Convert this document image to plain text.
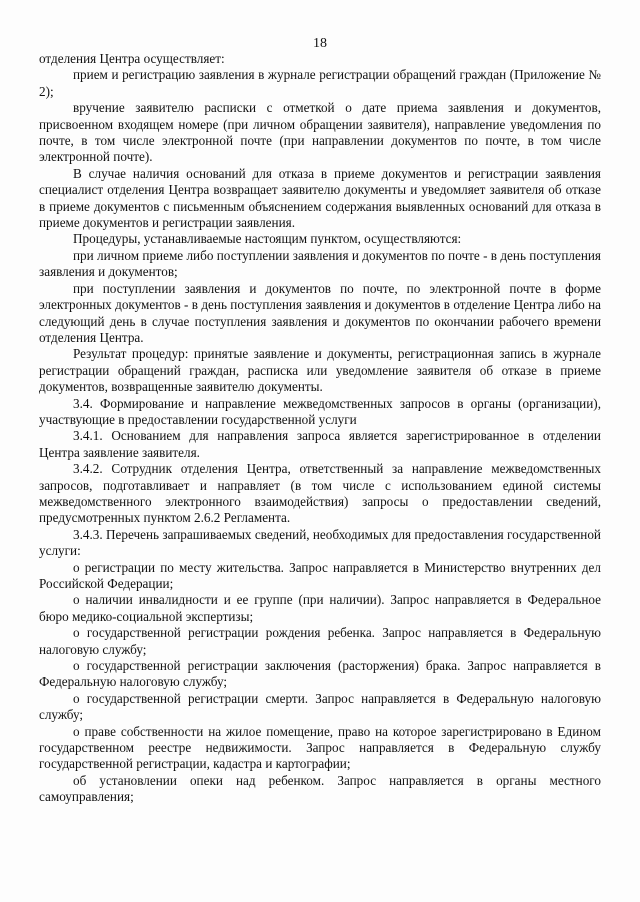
18

отделения Центра осуществляет:

прием и регистрацию заявления в журнале регистрации обращений граждан (Приложение № 2);

вручение заявителю расписки с отметкой о дате приема заявления и документов, присвоенном входящем номере (при личном обращении заявителя), направление уведомления по почте, в том числе электронной почте (при направлении документов по почте, в том числе электронной почте).

В случае наличия оснований для отказа в приеме документов и регистрации заявления специалист отделения Центра возвращает заявителю документы и уведомляет заявителя об отказе в приеме документов с письменным объяснением содержания выявленных оснований для отказа в приеме документов и регистрации заявления.

Процедуры, устанавливаемые настоящим пунктом, осуществляются:

при личном приеме либо поступлении заявления и документов по почте - в день поступления заявления и документов;

при поступлении заявления и документов по почте, по электронной почте в форме электронных документов - в день поступления заявления и документов в отделение Центра либо на следующий день в случае поступления заявления и документов по окончании рабочего времени отделения Центра.

Результат процедур: принятые заявление и документы, регистрационная запись в журнале регистрации обращений граждан, расписка или уведомление заявителя об отказе в приеме документов, возвращенные заявителю документы.

3.4. Формирование и направление межведомственных запросов в органы (организации), участвующие в предоставлении государственной услуги

3.4.1. Основанием для направления запроса является зарегистрированное в отделении Центра заявление заявителя.

3.4.2. Сотрудник отделения Центра, ответственный за направление межведомственных запросов, подготавливает и направляет (в том числе с использованием единой системы межведомственного электронного взаимодействия) запросы о предоставлении сведений, предусмотренных пунктом 2.6.2 Регламента.

3.4.3. Перечень запрашиваемых сведений, необходимых для предоставления государственной услуги:

о регистрации по месту жительства. Запрос направляется в Министерство внутренних дел Российской Федерации;

о наличии инвалидности и ее группе (при наличии). Запрос направляется в Федеральное бюро медико-социальной экспертизы;

о государственной регистрации рождения ребенка. Запрос направляется в Федеральную налоговую службу;

о государственной регистрации заключения (расторжения) брака. Запрос направляется в Федеральную налоговую службу;

о государственной регистрации смерти. Запрос направляется в Федеральную налоговую службу;

о праве собственности на жилое помещение, право на которое зарегистрировано в Едином государственном реестре недвижимости. Запрос направляется в Федеральную службу государственной регистрации, кадастра и картографии;

об установлении опеки над ребенком. Запрос направляется в органы местного самоуправления;
